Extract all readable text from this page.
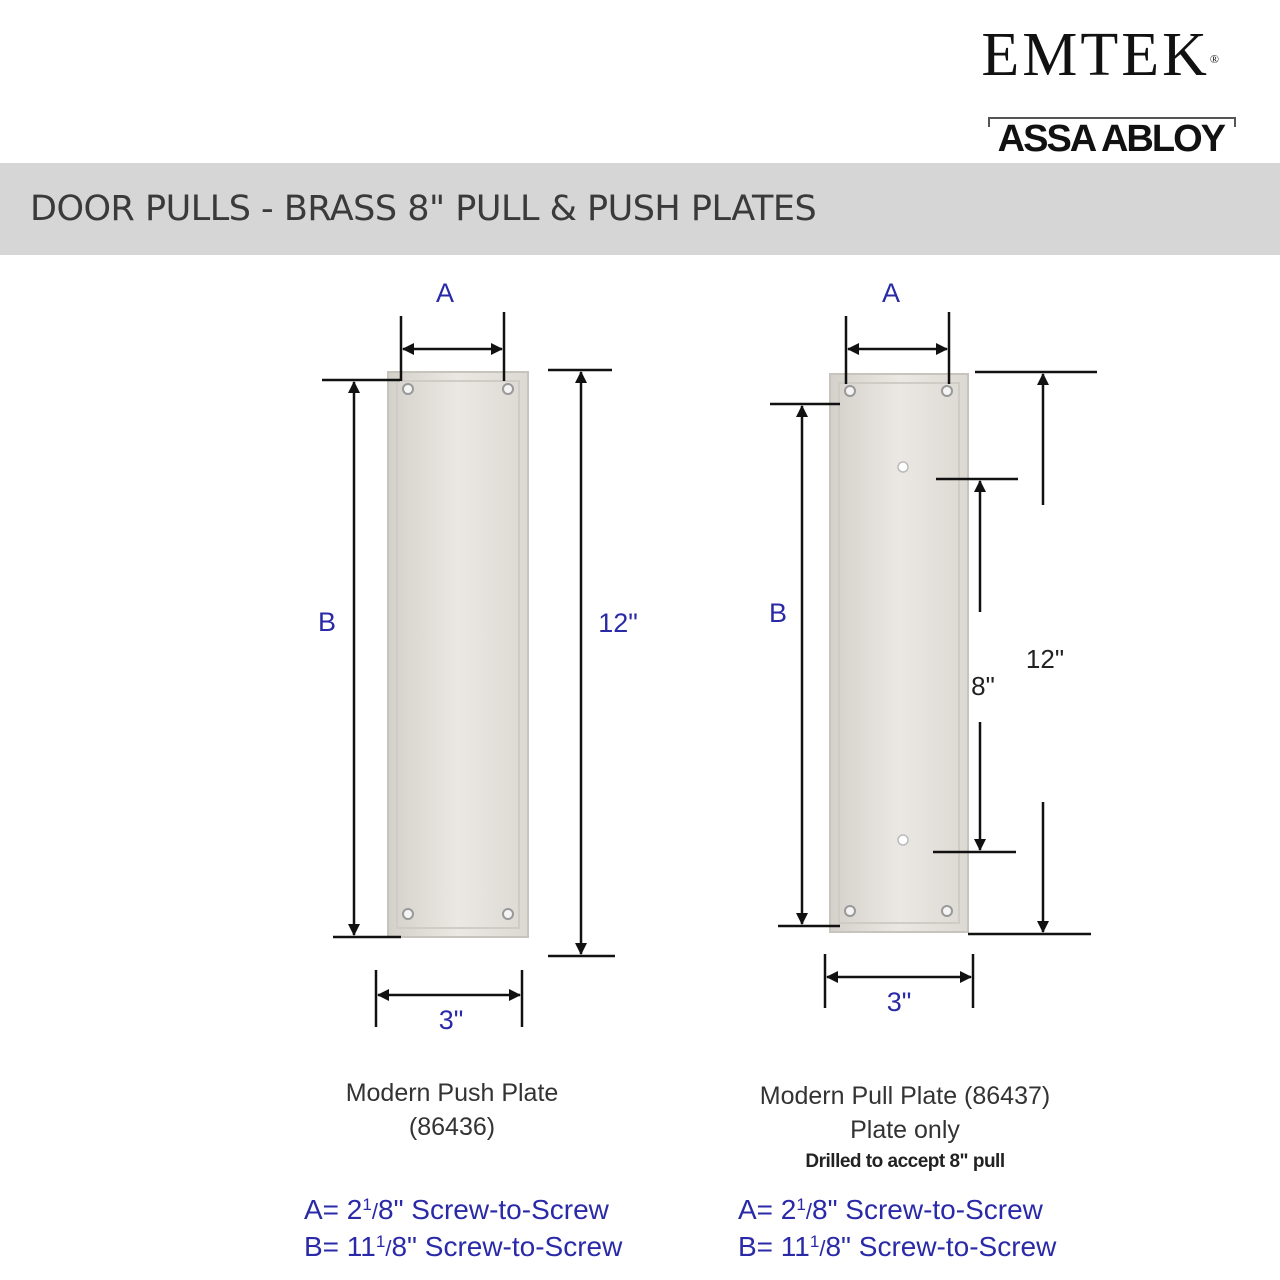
EMTEK®
ASSA ABLOY
DOOR PULLS - BRASS 8" PULL & PUSH PLATES
A
B	12"
3"
A
B
3"
12"
8"
Modern Push Plate
(86436)
Modern Pull Plate (86437)
Plate only
Drilled to accept 8" pull
$A= 2^1/8$" Screw-to-Screw
$B= 11^1/8$" Screw-to-Screw
$A= 2^1/8$" Screw-to-Screw
$B= 11^1/8$" Screw-to-Screw
